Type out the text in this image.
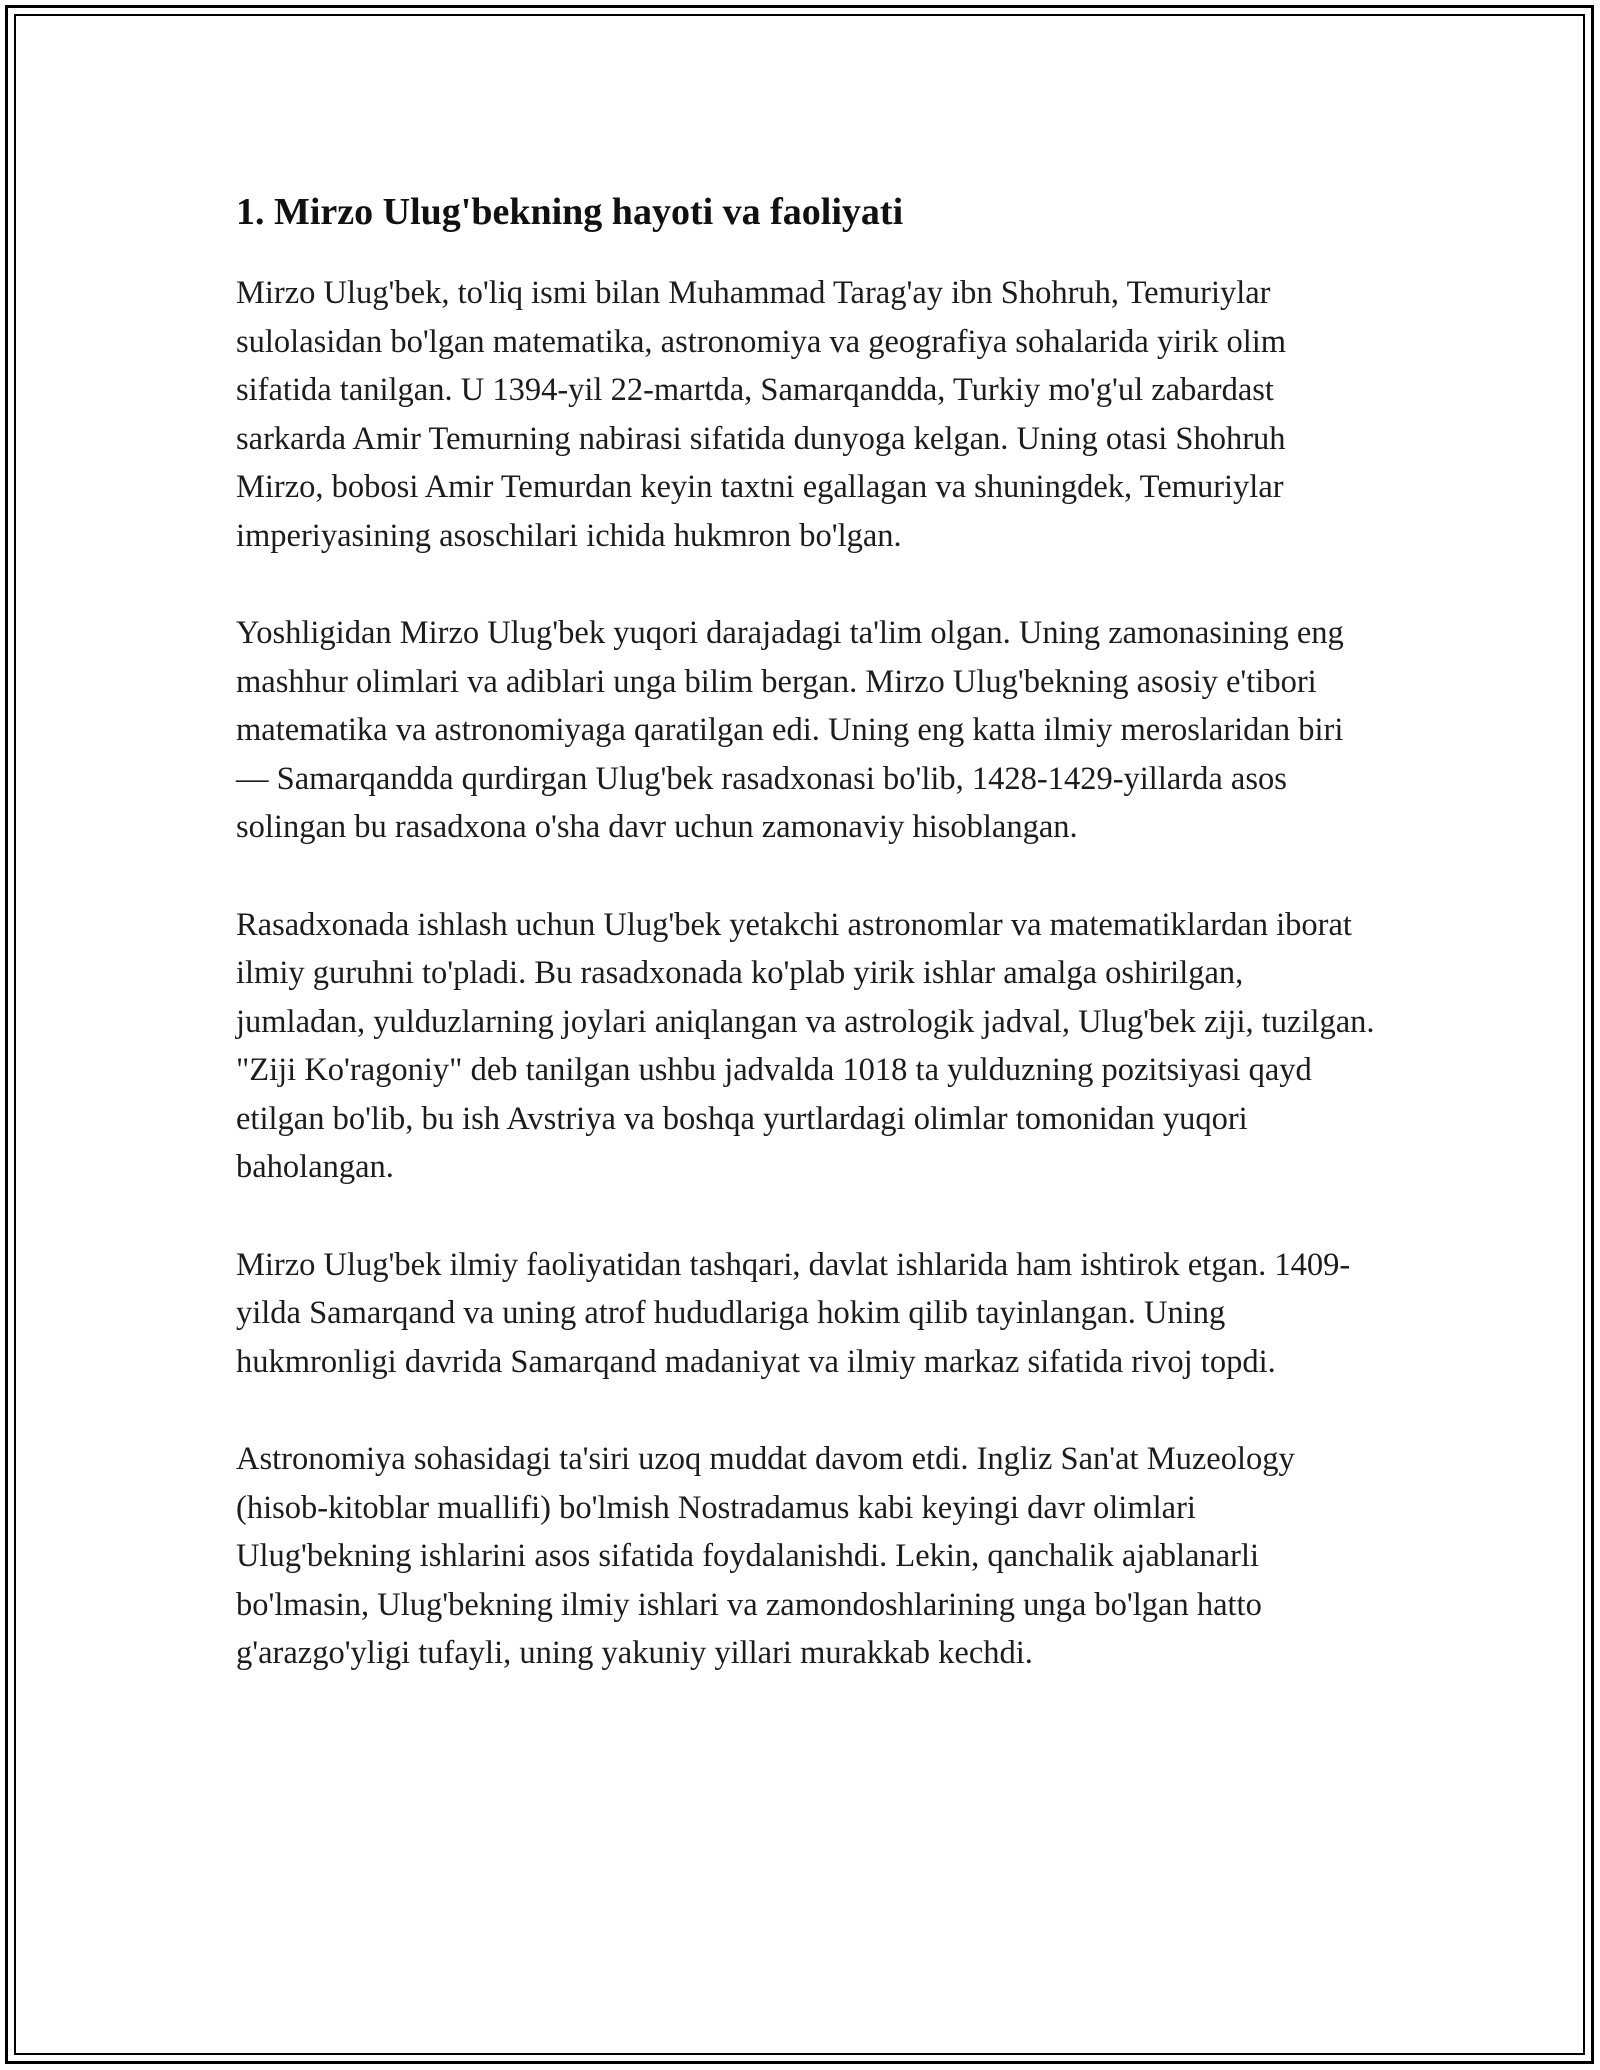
1. Mirzo Ulug'bekning hayoti va faoliyati

Mirzo Ulug'bek, to'liq ismi bilan Muhammad Tarag'ay ibn Shohruh, Temuriylar sulolasidan bo'lgan matematika, astronomiya va geografiya sohalarida yirik olim sifatida tanilgan. U 1394-yil 22-martda, Samarqandda, Turkiy mo'g'ul zabardast sarkarda Amir Temurning nabirasi sifatida dunyoga kelgan. Uning otasi Shohruh Mirzo, bobosi Amir Temurdan keyin taxtni egallagan va shuningdek, Temuriylar imperiyasining asoschilari ichida hukmron bo'lgan.

Yoshligidan Mirzo Ulug'bek yuqori darajadagi ta'lim olgan. Uning zamonasining eng mashhur olimlari va adiblari unga bilim bergan. Mirzo Ulug'bekning asosiy e'tibori matematika va astronomiyaga qaratilgan edi. Uning eng katta ilmiy meroslaridan biri — Samarqandda qurdirgan Ulug'bek rasadxonasi bo'lib, 1428-1429-yillarda asos solingan bu rasadxona o'sha davr uchun zamonaviy hisoblangan.

Rasadxonada ishlash uchun Ulug'bek yetakchi astronomlar va matematiklardan iborat ilmiy guruhni to'pladi. Bu rasadxonada ko'plab yirik ishlar amalga oshirilgan, jumladan, yulduzlarning joylari aniqlangan va astrologik jadval, Ulug'bek ziji, tuzilgan. "Ziji Ko'ragoniy" deb tanilgan ushbu jadvalda 1018 ta yulduzning pozitsiyasi qayd etilgan bo'lib, bu ish Avstriya va boshqa yurtlardagi olimlar tomonidan yuqori baholangan.

Mirzo Ulug'bek ilmiy faoliyatidan tashqari, davlat ishlarida ham ishtirok etgan. 1409-yilda Samarqand va uning atrof hududlariga hokim qilib tayinlangan. Uning hukmronligi davrida Samarqand madaniyat va ilmiy markaz sifatida rivoj topdi.

Astronomiya sohasidagi ta'siri uzoq muddat davom etdi. Ingliz San'at Muzeology (hisob-kitoblar muallifi) bo'lmish Nostradamus kabi keyingi davr olimlari Ulug'bekning ishlarini asos sifatida foydalanishdi. Lekin, qanchalik ajablanarli bo'lmasin, Ulug'bekning ilmiy ishlari va zamondoshlarining unga bo'lgan hatto g'arazgo'yligi tufayli, uning yakuniy yillari murakkab kechdi.
